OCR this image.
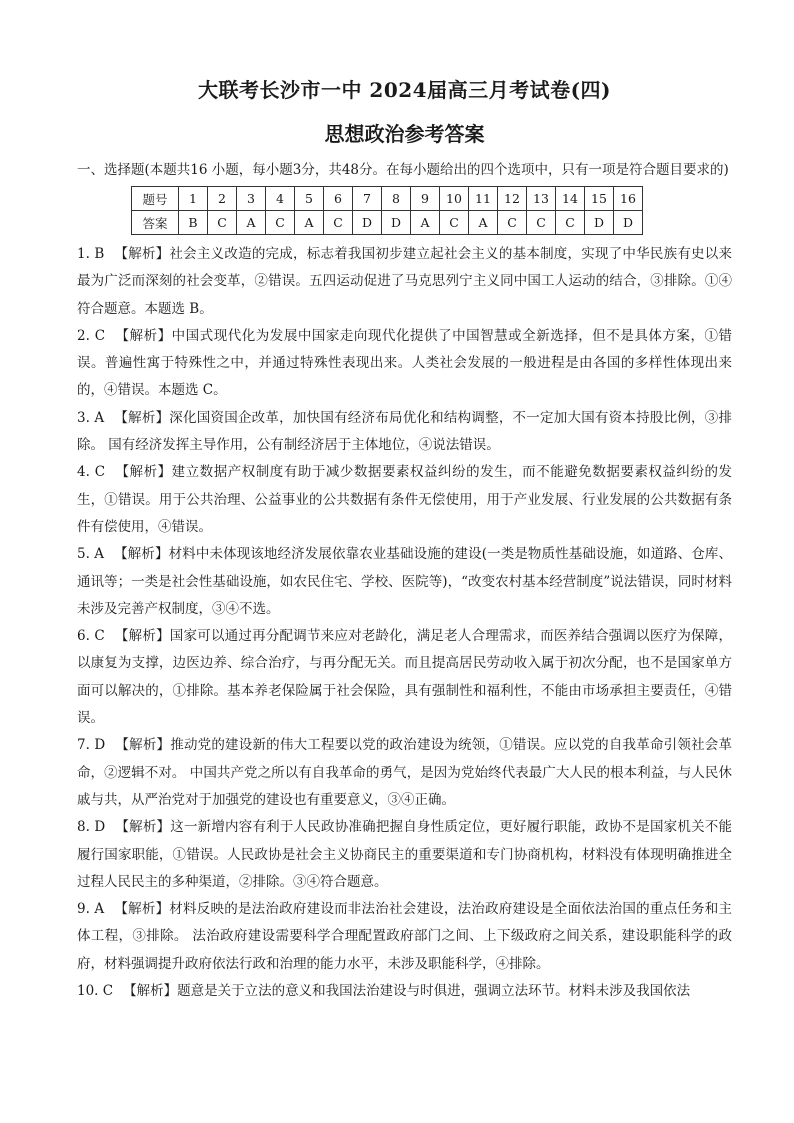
大联考长沙市一中 2024届高三月考试卷(四)
思想政治参考答案
一、选择题(本题共16 小题，每小题3分，共48分。在每小题给出的四个选项中，只有一项是符合题目要求的)
题号	1	2	3	4	5	6	7	8	9	10	11	12	13	14	15	16
答案	B	C	A	C	A	C	D	D	A	C	A	C	C	C	D	D

1. B 【解析】社会主义改造的完成，标志着我国初步建立起社会主义的基本制度，实现了中华民族有史以来最为广泛而深刻的社会变革，②错误。五四运动促进了马克思列宁主义同中国工人运动的结合，③排除。①④符合题意。本题选 B。

2. C 【解析】中国式现代化为发展中国家走向现代化提供了中国智慧或全新选择，但不是具体方案，①错误。普遍性寓于特殊性之中，并通过特殊性表现出来。人类社会发展的一般进程是由各国的多样性体现出来的，④错误。本题选 C。

3. A 【解析】深化国资国企改革，加快国有经济布局优化和结构调整，不一定加大国有资本持股比例，③排除。 国有经济发挥主导作用，公有制经济居于主体地位，④说法错误。

4. C 【解析】建立数据产权制度有助于减少数据要素权益纠纷的发生，而不能避免数据要素权益纠纷的发生，①错误。用于公共治理、公益事业的公共数据有条件无偿使用，用于产业发展、行业发展的公共数据有条件有偿使用，④错误。

5. A 【解析】材料中未体现该地经济发展依靠农业基础设施的建设(一类是物质性基础设施，如道路、仓库、通讯等；一类是社会性基础设施，如农民住宅、学校、医院等)，“改变农村基本经营制度”说法错误，同时材料未涉及完善产权制度，③④不选。

6. C 【解析】国家可以通过再分配调节来应对老龄化，满足老人合理需求，而医养结合强调以医疗为保障，以康复为支撑，边医边养、综合治疗，与再分配无关。而且提高居民劳动收入属于初次分配，也不是国家单方面可以解决的，①排除。基本养老保险属于社会保险，具有强制性和福利性，不能由市场承担主要责任，④错误。

7. D 【解析】推动党的建设新的伟大工程要以党的政治建设为统领，①错误。应以党的自我革命引领社会革命，②逻辑不对。 中国共产党之所以有自我革命的勇气，是因为党始终代表最广大人民的根本利益，与人民休戚与共，从严治党对于加强党的建设也有重要意义，③④正确。

8. D 【解析】这一新增内容有利于人民政协准确把握自身性质定位，更好履行职能，政协不是国家机关不能履行国家职能，①错误。人民政协是社会主义协商民主的重要渠道和专门协商机构，材料没有体现明确推进全过程人民民主的多种渠道，②排除。③④符合题意。

9. A 【解析】材料反映的是法治政府建设而非法治社会建设，法治政府建设是全面依法治国的重点任务和主体工程，③排除。 法治政府建设需要科学合理配置政府部门之间、上下级政府之间关系，建设职能科学的政府，材料强调提升政府依法行政和治理的能力水平，未涉及职能科学，④排除。

10. C 【解析】题意是关于立法的意义和我国法治建设与时俱进，强调立法环节。材料未涉及我国依法
